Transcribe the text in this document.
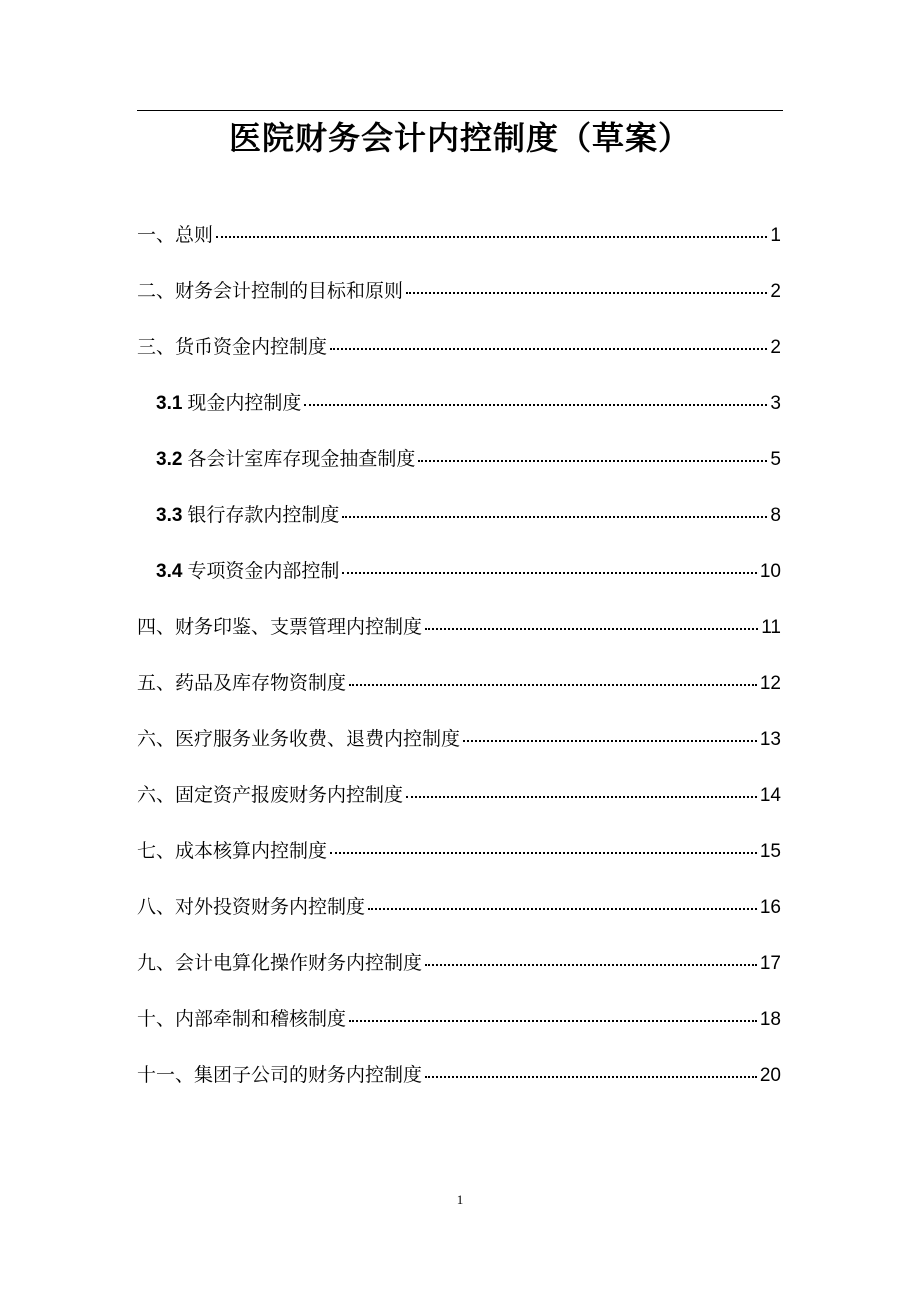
医院财务会计内控制度（草案）
一、总则	1
二、财务会计控制的目标和原则	2
三、货币资金内控制度	2
3.1 现金内控制度	3
3.2 各会计室库存现金抽查制度	5
3.3 银行存款内控制度	8
3.4 专项资金内部控制	10
四、财务印鉴、支票管理内控制度	11
五、药品及库存物资制度	12
六、医疗服务业务收费、退费内控制度	13
六、固定资产报废财务内控制度	14
七、成本核算内控制度	15
八、对外投资财务内控制度	16
九、会计电算化操作财务内控制度	17
十、内部牵制和稽核制度	18
十一、集团子公司的财务内控制度	20
1
